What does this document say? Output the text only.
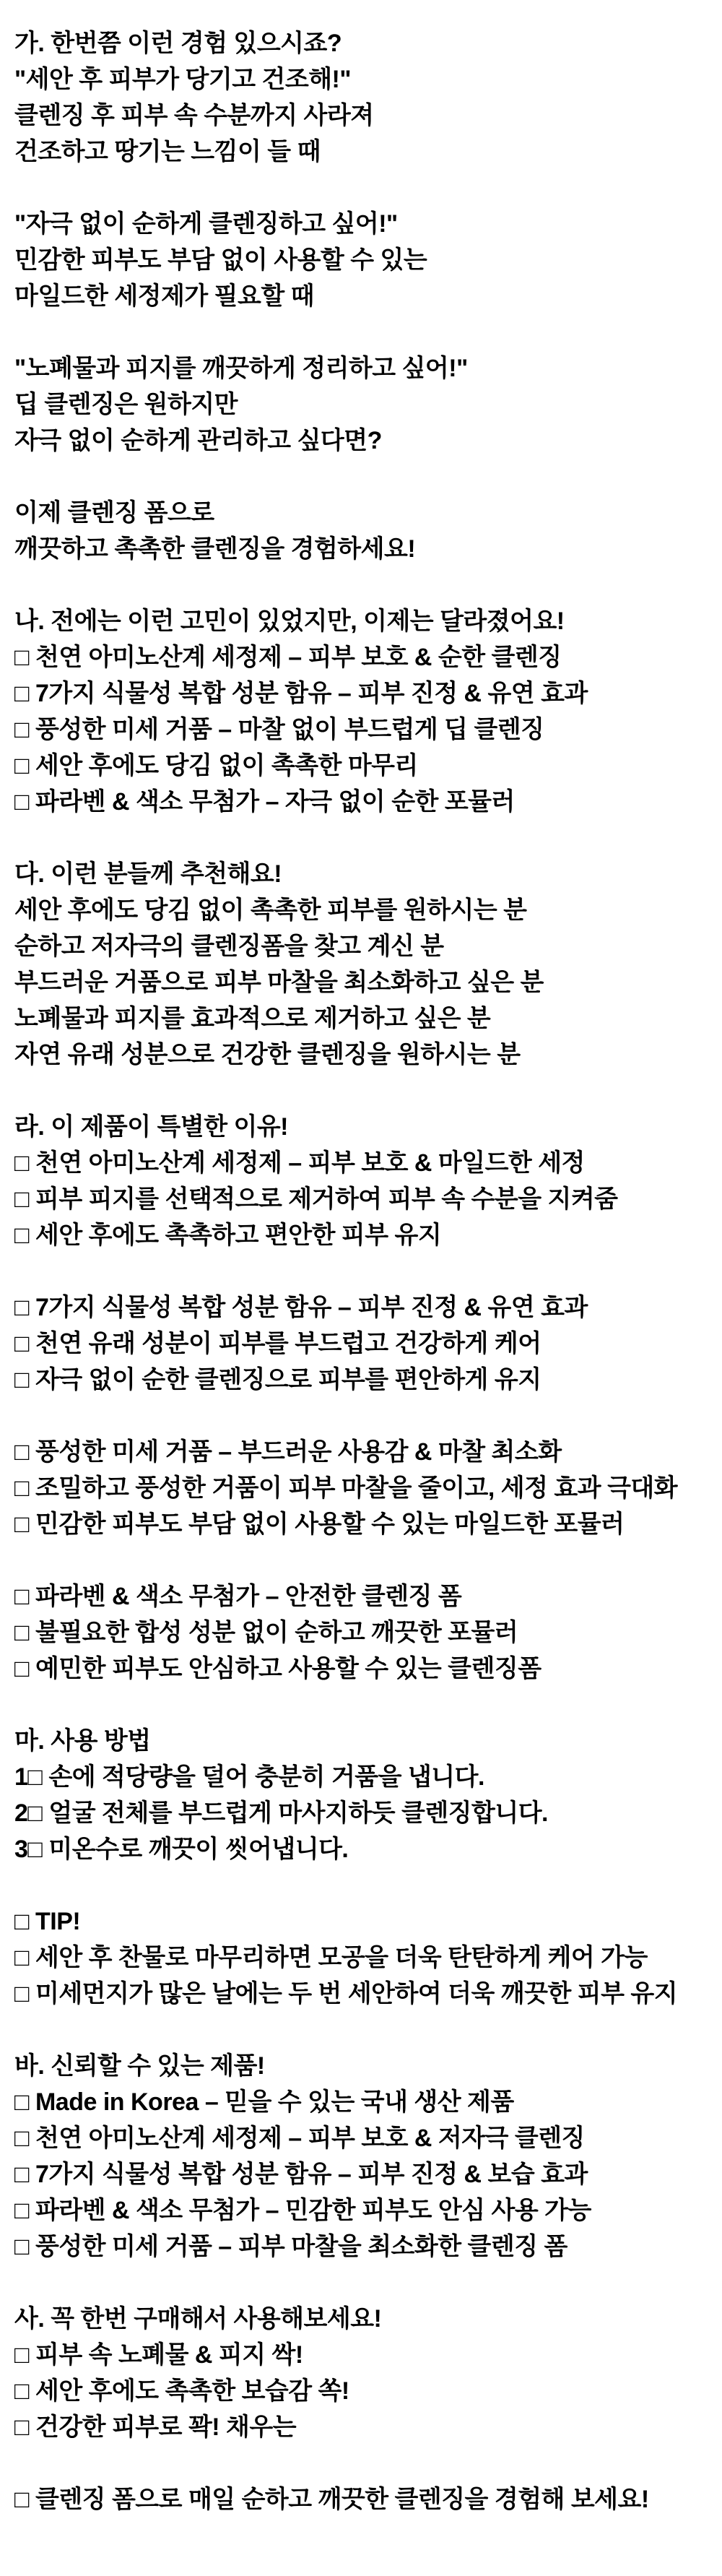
가. 한번쯤 이런 경험 있으시죠?

"세안 후 피부가 당기고 건조해!"

클렌징 후 피부 속 수분까지 사라져

건조하고 땅기는 느낌이 들 때

"자극 없이 순하게 클렌징하고 싶어!"

민감한 피부도 부담 없이 사용할 수 있는

마일드한 세정제가 필요할 때

"노폐물과 피지를 깨끗하게 정리하고 싶어!"

딥 클렌징은 원하지만

자극 없이 순하게 관리하고 싶다면?

이제 클렌징 폼으로

깨끗하고 촉촉한 클렌징을 경험하세요!

나. 전에는 이런 고민이 있었지만, 이제는 달라졌어요!

□ 천연 아미노산계 세정제 – 피부 보호 & 순한 클렌징

□ 7가지 식물성 복합 성분 함유 – 피부 진정 & 유연 효과

□ 풍성한 미세 거품 – 마찰 없이 부드럽게 딥 클렌징

□ 세안 후에도 당김 없이 촉촉한 마무리

□ 파라벤 & 색소 무첨가 – 자극 없이 순한 포뮬러

다. 이런 분들께 추천해요!

세안 후에도 당김 없이 촉촉한 피부를 원하시는 분

순하고 저자극의 클렌징폼을 찾고 계신 분

부드러운 거품으로 피부 마찰을 최소화하고 싶은 분

노폐물과 피지를 효과적으로 제거하고 싶은 분

자연 유래 성분으로 건강한 클렌징을 원하시는 분

라. 이 제품이 특별한 이유!

□ 천연 아미노산계 세정제 – 피부 보호 & 마일드한 세정

□ 피부 피지를 선택적으로 제거하여 피부 속 수분을 지켜줌

□ 세안 후에도 촉촉하고 편안한 피부 유지

□ 7가지 식물성 복합 성분 함유 – 피부 진정 & 유연 효과

□ 천연 유래 성분이 피부를 부드럽고 건강하게 케어

□ 자극 없이 순한 클렌징으로 피부를 편안하게 유지

□ 풍성한 미세 거품 – 부드러운 사용감 & 마찰 최소화

□ 조밀하고 풍성한 거품이 피부 마찰을 줄이고, 세정 효과 극대화

□ 민감한 피부도 부담 없이 사용할 수 있는 마일드한 포뮬러

□ 파라벤 & 색소 무첨가 – 안전한 클렌징 폼

□ 불필요한 합성 성분 없이 순하고 깨끗한 포뮬러

□ 예민한 피부도 안심하고 사용할 수 있는 클렌징폼

마. 사용 방법

1□ 손에 적당량을 덜어 충분히 거품을 냅니다.

2□ 얼굴 전체를 부드럽게 마사지하듯 클렌징합니다.

3□ 미온수로 깨끗이 씻어냅니다.

□ TIP!

□ 세안 후 찬물로 마무리하면 모공을 더욱 탄탄하게 케어 가능

□ 미세먼지가 많은 날에는 두 번 세안하여 더욱 깨끗한 피부 유지

바. 신뢰할 수 있는 제품!

□ Made in Korea – 믿을 수 있는 국내 생산 제품

□ 천연 아미노산계 세정제 – 피부 보호 & 저자극 클렌징

□ 7가지 식물성 복합 성분 함유 – 피부 진정 & 보습 효과

□ 파라벤 & 색소 무첨가 – 민감한 피부도 안심 사용 가능

□ 풍성한 미세 거품 – 피부 마찰을 최소화한 클렌징 폼

사. 꼭 한번 구매해서 사용해보세요!

□ 피부 속 노폐물 & 피지 싹!

□ 세안 후에도 촉촉한 보습감 쏙!

□ 건강한 피부로 꽉! 채우는

□ 클렌징 폼으로 매일 순하고 깨끗한 클렌징을 경험해 보세요!
